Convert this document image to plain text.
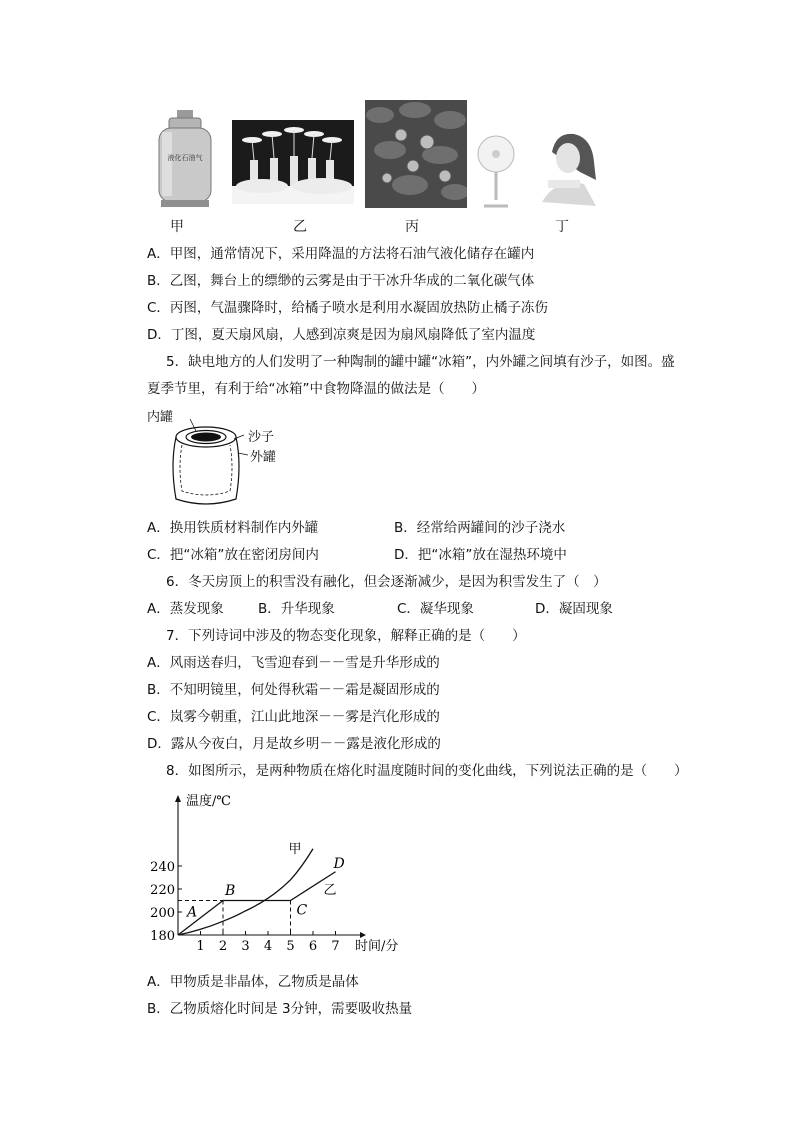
液化石油气
甲	乙	丙	丁
A．甲图，通常情况下，采用降温的方法将石油气液化储存在罐内
B．乙图，舞台上的缥缈的云雾是由于干冰升华成的二氧化碳气体
C．丙图，气温骤降时，给橘子喷水是利用水凝固放热防止橘子冻伤
D．丁图，夏天扇风扇，人感到凉爽是因为扇风扇降低了室内温度
5．缺电地方的人们发明了一种陶制的罐中罐“冰箱”，内外罐之间填有沙子，如图。盛
夏季节里，有利于给“冰箱”中食物降温的做法是（　　）
内罐
沙子
外罐
A．换用铁质材料制作内外罐	B．经常给两罐间的沙子浇水
C．把“冰箱”放在密闭房间内	D．把“冰箱”放在湿热环境中
6．冬天房顶上的积雪没有融化，但会逐渐减少，是因为积雪发生了（　）
A．蒸发现象	B．升华现象	C．凝华现象	D．凝固现象
7．下列诗词中涉及的物态变化现象，解释正确的是（　　）
A．风雨送春归，飞雪迎春到－－雪是升华形成的
B．不知明镜里，何处得秋霜－－霜是凝固形成的
C．岚雾今朝重，江山此地深－－雾是汽化形成的
D．露从今夜白，月是故乡明－－露是液化形成的
8．如图所示，是两种物质在熔化时温度随时间的变化曲线，下列说法正确的是（　　）
1 2 3 4 5 6 7
180
200
220
240
温度/℃
时间/分
甲
乙
A
B
C
D
A．甲物质是非晶体，乙物质是晶体
B．乙物质熔化时间是 3分钟，需要吸收热量
